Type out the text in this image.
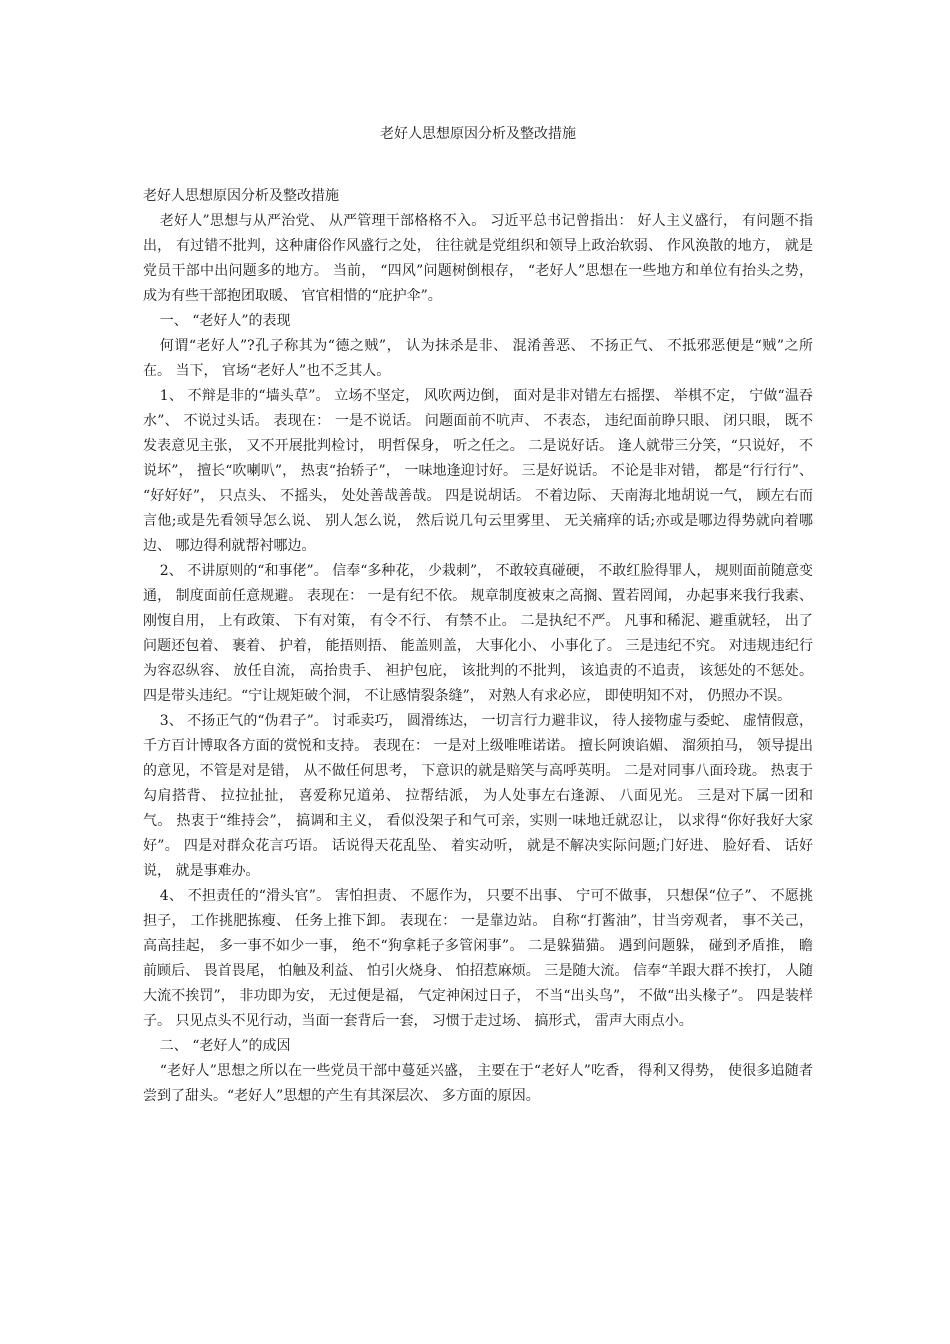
老好人思想原因分析及整改措施

老好人思想原因分析及整改措施

老好人”思想与从严治党、 从严管理干部格格不入。 习近平总书记曾指出： 好人主义盛行， 有问题不指出， 有过错不批判，这种庸俗作风盛行之处， 往往就是党组织和领导上政治软弱、 作风涣散的地方， 就是党员干部中出问题多的地方。 当前， “四风”问题树倒根存， “老好人”思想在一些地方和单位有抬头之势， 成为有些干部抱团取暖、 官官相惜的“庇护伞”。

一、 “老好人”的表现

何谓“老好人”?孔子称其为“德之贼”， 认为抹杀是非、 混淆善恶、 不扬正气、 不抵邪恶便是“贼”之所在。 当下， 官场“老好人”也不乏其人。

1、 不辩是非的“墙头草”。 立场不坚定， 风吹两边倒， 面对是非对错左右摇摆、 举棋不定， 宁做“温吞水”、 不说过头话。 表现在： 一是不说话。 问题面前不吭声、 不表态， 违纪面前睁只眼、 闭只眼， 既不发表意见主张， 又不开展批判检讨， 明哲保身， 听之任之。 二是说好话。 逢人就带三分笑，“只说好， 不说坏”， 擅长“吹喇叭”， 热衷“抬轿子”， 一味地逢迎讨好。 三是好说话。 不论是非对错， 都是“行行行”、 “好好好”， 只点头、 不摇头， 处处善哉善哉。 四是说胡话。 不着边际、 天南海北地胡说一气， 顾左右而言他;或是先看领导怎么说、 别人怎么说， 然后说几句云里雾里、 无关痛痒的话;亦或是哪边得势就向着哪边、 哪边得利就帮衬哪边。

2、 不讲原则的“和事佬”。 信奉“多种花， 少栽刺”， 不敢较真碰硬， 不敢红脸得罪人， 规则面前随意变通， 制度面前任意规避。 表现在： 一是有纪不依。 规章制度被束之高搁、置若罔闻， 办起事来我行我素、 刚愎自用， 上有政策、 下有对策， 有令不行、 有禁不止。 二是执纪不严。 凡事和稀泥、避重就轻， 出了问题还包着、 裹着、 护着， 能捂则捂、 能盖则盖， 大事化小、 小事化了。 三是违纪不究。 对违规违纪行为容忍纵容、 放任自流， 高抬贵手、 袒护包庇， 该批判的不批判， 该追责的不追责， 该惩处的不惩处。 四是带头违纪。“宁让规矩破个洞， 不让感情裂条缝”， 对熟人有求必应， 即使明知不对， 仍照办不误。

3、 不扬正气的“伪君子”。 讨乖卖巧， 圆滑练达， 一切言行力避非议， 待人接物虚与委蛇、 虚情假意， 千方百计博取各方面的赏悦和支持。 表现在： 一是对上级唯唯诺诺。 擅长阿谀谄媚、 溜须拍马， 领导提出的意见，不管是对是错， 从不做任何思考， 下意识的就是赔笑与高呼英明。 二是对同事八面玲珑。 热衷于勾肩搭背、 拉拉扯扯， 喜爱称兄道弟、 拉帮结派， 为人处事左右逢源、 八面见光。 三是对下属一团和气。 热衷于“维持会”， 搞调和主义， 看似没架子和气可亲，实则一味地迁就忍让， 以求得“你好我好大家好”。 四是对群众花言巧语。 话说得天花乱坠、 着实动听， 就是不解决实际问题;门好进、 脸好看、 话好说， 就是事难办。

4、 不担责任的“滑头官”。 害怕担责、 不愿作为， 只要不出事、 宁可不做事， 只想保“位子”、 不愿挑担子， 工作挑肥拣瘦、 任务上推下卸。 表现在： 一是靠边站。 自称“打酱油”，甘当旁观者， 事不关己， 高高挂起， 多一事不如少一事， 绝不“狗拿耗子多管闲事”。 二是躲猫猫。 遇到问题躲， 碰到矛盾推， 瞻前顾后、 畏首畏尾， 怕触及利益、 怕引火烧身、 怕招惹麻烦。 三是随大流。 信奉“羊跟大群不挨打， 人随大流不挨罚”， 非功即为安， 无过便是福， 气定神闲过日子， 不当“出头鸟”， 不做“出头椽子”。 四是装样子。 只见点头不见行动，当面一套背后一套， 习惯于走过场、 搞形式， 雷声大雨点小。

二、 “老好人”的成因

“老好人”思想之所以在一些党员干部中蔓延兴盛， 主要在于“老好人”吃香， 得利又得势， 使很多追随者尝到了甜头。“老好人”思想的产生有其深层次、 多方面的原因。
